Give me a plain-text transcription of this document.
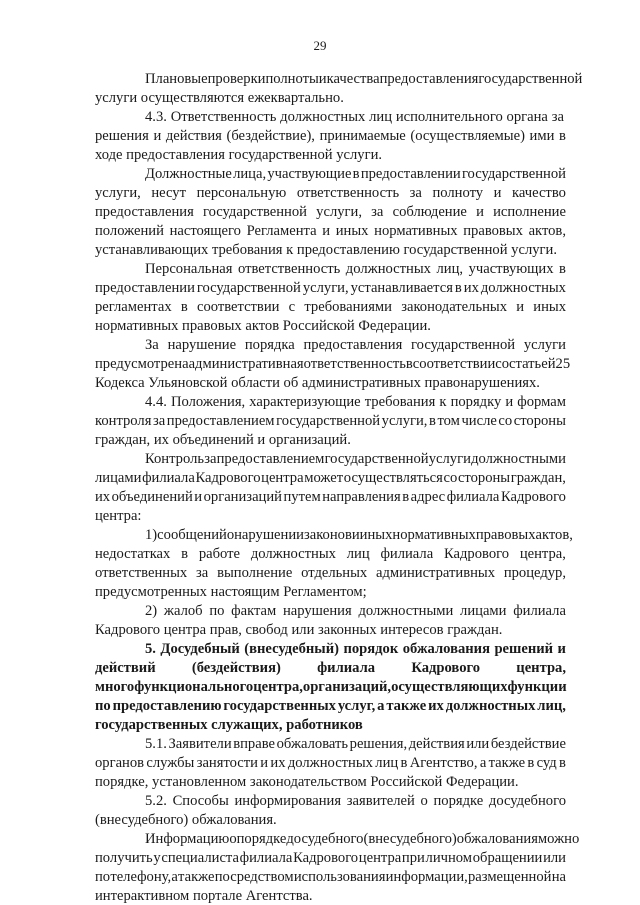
29
Плановые проверки полноты и качества предоставления государственной
услуги осуществляются ежеквартально.
4.3. Ответственность должностных лиц исполнительного органа за
решения и действия (бездействие), принимаемые (осуществляемые) ими в
ходе предоставления государственной услуги.
Должностные лица, участвующие в предоставлении государственной
услуги, несут персональную ответственность за полноту и качество
предоставления государственной услуги, за соблюдение и исполнение
положений настоящего Регламента и иных нормативных правовых актов,
устанавливающих требования к предоставлению государственной услуги.
Персональная ответственность должностных лиц, участвующих в
предоставлении государственной услуги, устанавливается в их должностных
регламентах в соответствии с требованиями законодательных и иных
нормативных правовых актов Российской Федерации.
За нарушение порядка предоставления государственной услуги
предусмотрена административная ответственность в соответствии со статьей 25
Кодекса Ульяновской области об административных правонарушениях.
4.4. Положения, характеризующие требования к порядку и формам
контроля за предоставлением государственной услуги, в том числе со стороны
граждан, их объединений и организаций.
Контроль за предоставлением государственной услуги должностными
лицами филиала Кадрового центра может осуществляться со стороны граждан,
их объединений и организаций путем направления в адрес филиала Кадрового
центра:
1) сообщений о нарушении законов и иных нормативных правовых актов,
недостатках в работе должностных лиц филиала Кадрового центра,
ответственных за выполнение отдельных административных процедур,
предусмотренных настоящим Регламентом;
2) жалоб по фактам нарушения должностными лицами филиала
Кадрового центра прав, свобод или законных интересов граждан.
5. Досудебный (внесудебный) порядок обжалования решений и
действий (бездействия) филиала Кадрового центра,
многофункционального центра, организаций, осуществляющих функции
по предоставлению государственных услуг, а также их должностных лиц,
государственных служащих, работников
5.1. Заявители вправе обжаловать решения, действия или бездействие
органов службы занятости и их должностных лиц в Агентство, а также в суд в
порядке, установленном законодательством Российской Федерации.
5.2. Способы информирования заявителей о порядке досудебного
(внесудебного) обжалования.
Информацию о порядке досудебного (внесудебного) обжалования можно
получить у специалиста филиала Кадрового центра при личном обращении или
по телефону, а также посредством использования информации, размещенной на
интерактивном портале Агентства.
